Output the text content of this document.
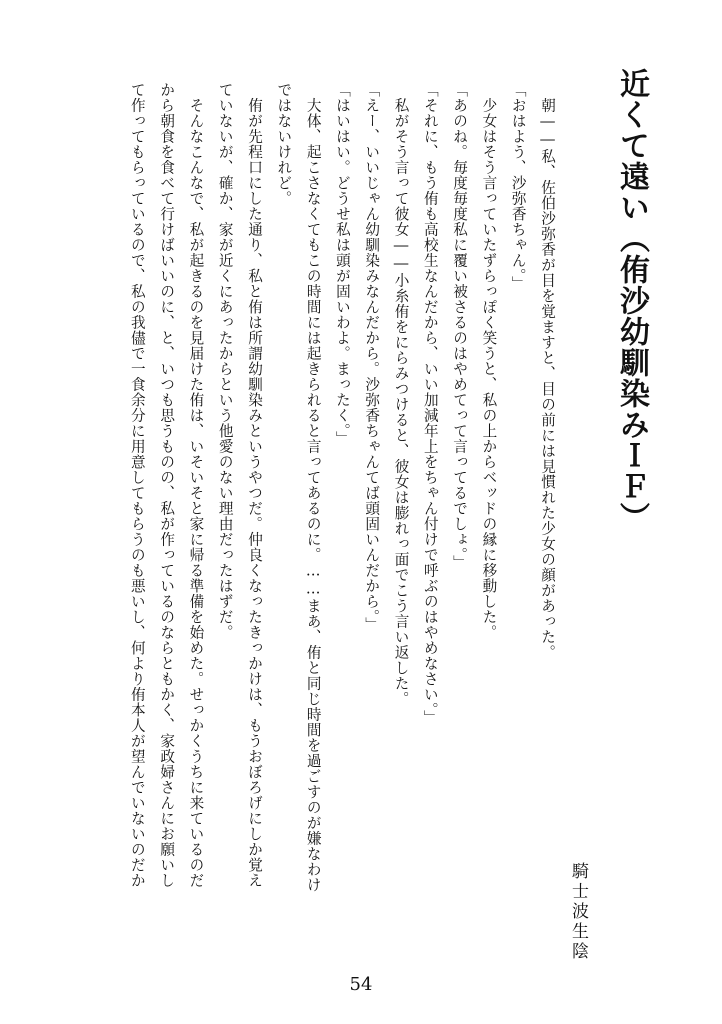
近くて遠い（侑沙幼馴染みＩＦ）
騎士波生陰
　朝――私、佐伯沙弥香が目を覚ますと、目の前には見慣れた少女の顔があった。
「おはよう、沙弥香ちゃん。」
　少女はそう言っていたずらっぽく笑うと、私の上からベッドの縁に移動した。
「あのね。毎度毎度私に覆い被さるのはやめてって言ってるでしょ。」
「それに、もう侑も高校生なんだから、いい加減年上をちゃん付けで呼ぶのはやめなさい。」
　私がそう言って彼女――小糸侑をにらみつけると、彼女は膨れっ面でこう言い返した。
「えー、いいじゃん幼馴染みなんだから。沙弥香ちゃんてば頭固いんだから。」
「はいはい。どうせ私は頭が固いわよ。まったく。」
　大体、起こさなくてもこの時間には起きられると言ってあるのに。……まあ、侑と同じ時間を過ごすのが嫌なわけ
ではないけれど。
　侑が先程口にした通り、私と侑は所謂幼馴染みというやつだ。仲良くなったきっかけは、もうおぼろげにしか覚え
ていないが、確か、家が近くにあったからという他愛のない理由だったはずだ。
　そんなこんなで、私が起きるのを見届けた侑は、いそいそと家に帰る準備を始めた。せっかくうちに来ているのだ
から朝食を食べて行けばいいのに、と、いつも思うものの、私が作っているのならともかく、家政婦さんにお願いし
て作ってもらっているので、私の我儘で一食余分に用意してもらうのも悪いし、何より侑本人が望んでいないのだか
54
